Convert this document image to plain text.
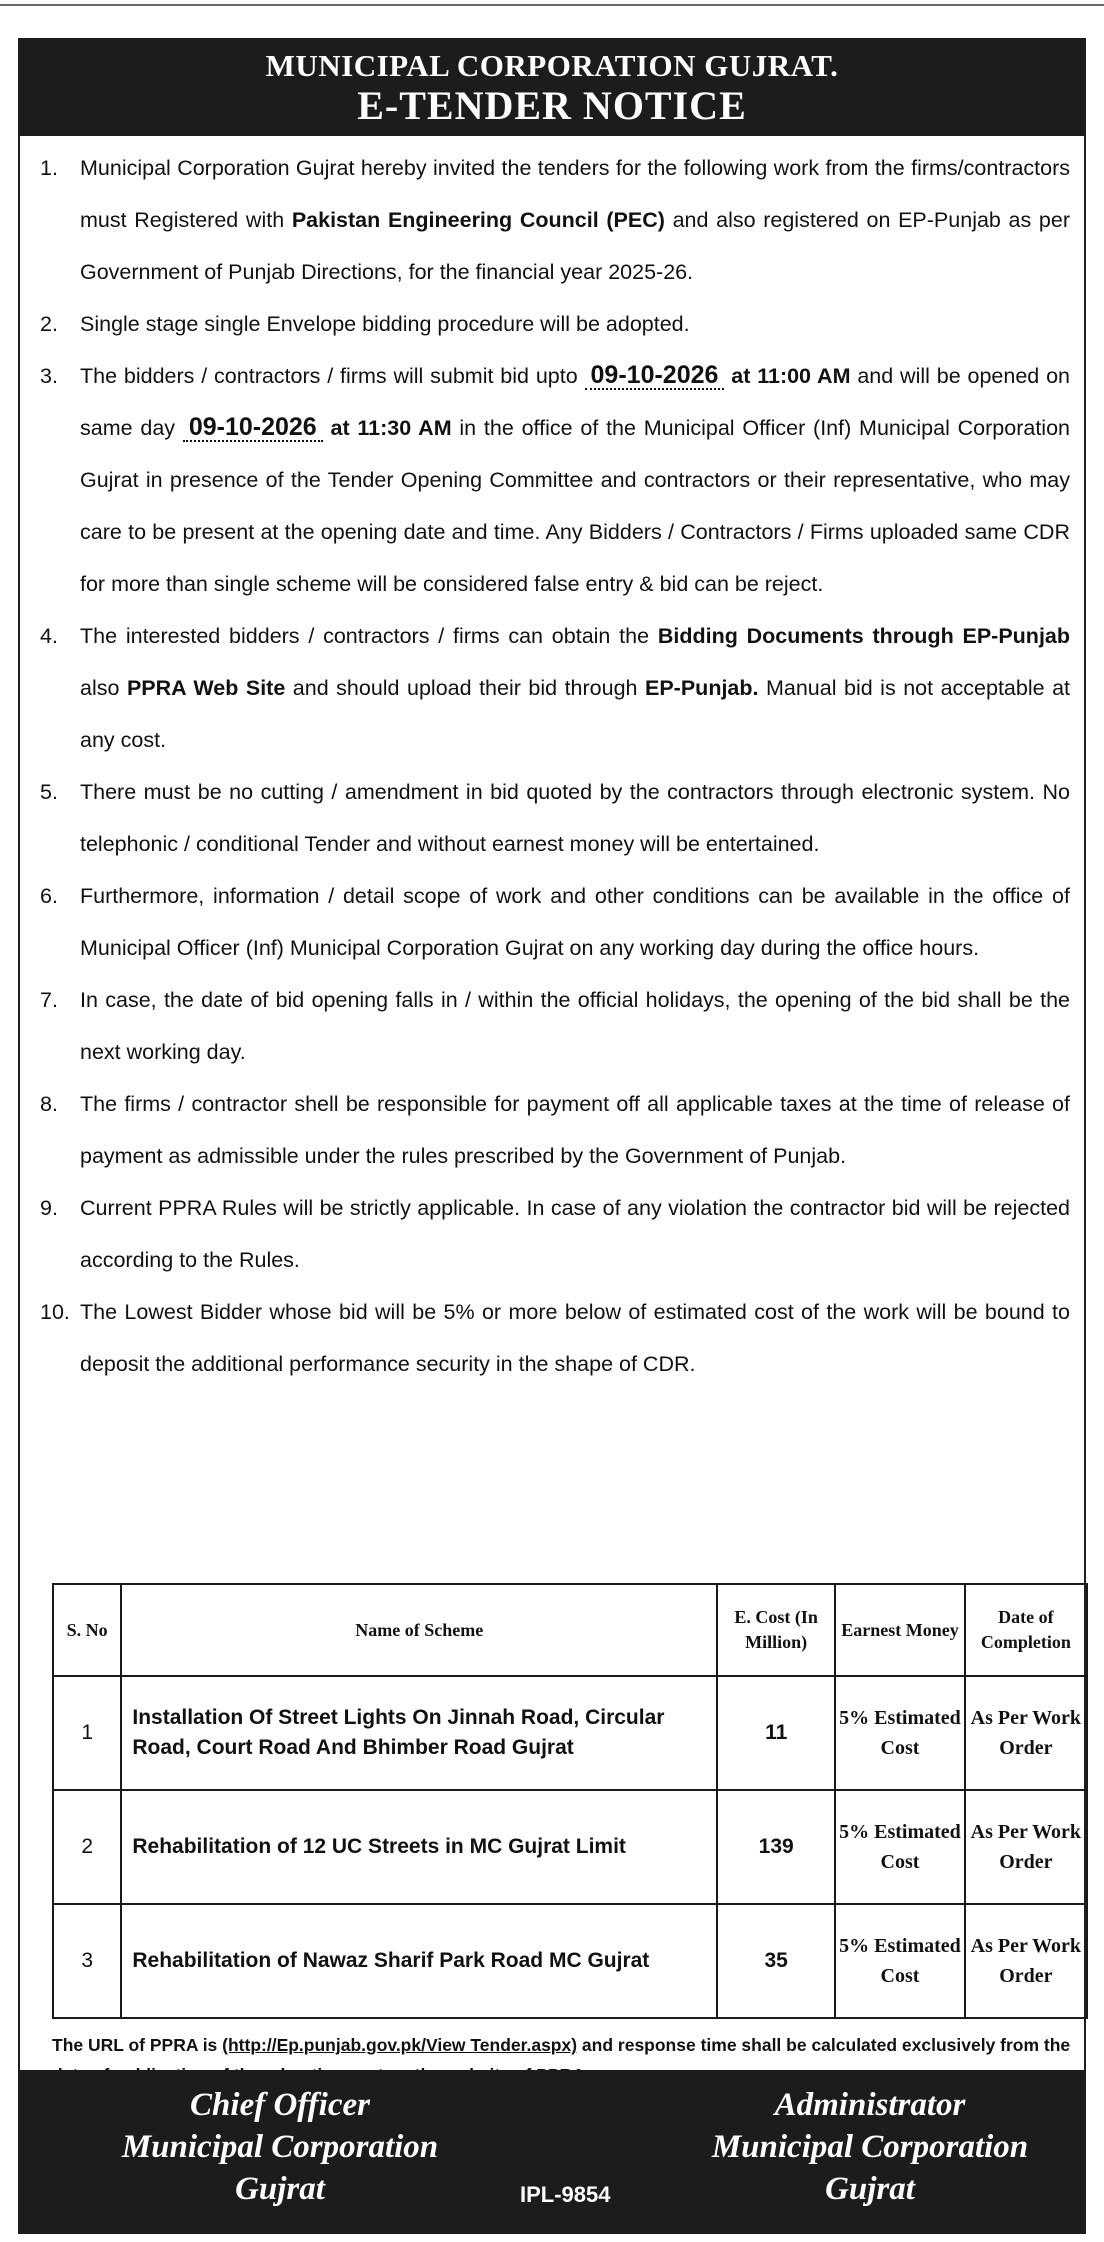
MUNICIPAL CORPORATION GUJRAT.
E-TENDER NOTICE
1.	Municipal Corporation Gujrat hereby invited the tenders for the following work from the firms/contractors must Registered with Pakistan Engineering Council (PEC) and also registered on EP-Punjab as per Government of Punjab Directions, for the financial year 2025-26.
2.	Single stage single Envelope bidding procedure will be adopted.
3.	The bidders / contractors / firms will submit bid upto 09-10-2026 at 11:00 AM and will be opened on same day 09-10-2026 at 11:30 AM in the office of the Municipal Officer (Inf) Municipal Corporation Gujrat in presence of the Tender Opening Committee and contractors or their representative, who may care to be present at the opening date and time. Any Bidders / Contractors / Firms uploaded same CDR for more than single scheme will be considered false entry & bid can be reject.
4.	The interested bidders / contractors / firms can obtain the Bidding Documents through EP-Punjab also PPRA Web Site and should upload their bid through EP-Punjab. Manual bid is not acceptable at any cost.
5.	There must be no cutting / amendment in bid quoted by the contractors through electronic system. No telephonic / conditional Tender and without earnest money will be entertained.
6.	Furthermore, information / detail scope of work and other conditions can be available in the office of Municipal Officer (Inf) Municipal Corporation Gujrat on any working day during the office hours.
7.	In case, the date of bid opening falls in / within the official holidays, the opening of the bid shall be the next working day.
8.	The firms / contractor shell be responsible for payment off all applicable taxes at the time of release of payment as admissible under the rules prescribed by the Government of Punjab.
9.	Current PPRA Rules will be strictly applicable. In case of any violation the contractor bid will be rejected according to the Rules.
10. The Lowest Bidder whose bid will be 5% or more below of estimated cost of the work will be bound to deposit the additional performance security in the shape of CDR.
S. No	Name of Scheme	E. Cost (In Million)	Earnest Money	Date of Completion
1	Installation Of Street Lights On Jinnah Road, Circular Road, Court Road And Bhimber Road Gujrat	11	5% Estimated Cost	As Per Work Order
2	Rehabilitation of 12 UC Streets in MC Gujrat Limit	139	5% Estimated Cost	As Per Work Order
3	Rehabilitation of Nawaz Sharif Park Road MC Gujrat	35	5% Estimated Cost	As Per Work Order
The URL of PPRA is (http://Ep.punjab.gov.pk/View Tender.aspx) and response time shall be calculated exclusively from the
Chief Officer
Municipal Corporation
Gujrat	IPL-9854
Administrator
Municipal Corporation
Gujrat
